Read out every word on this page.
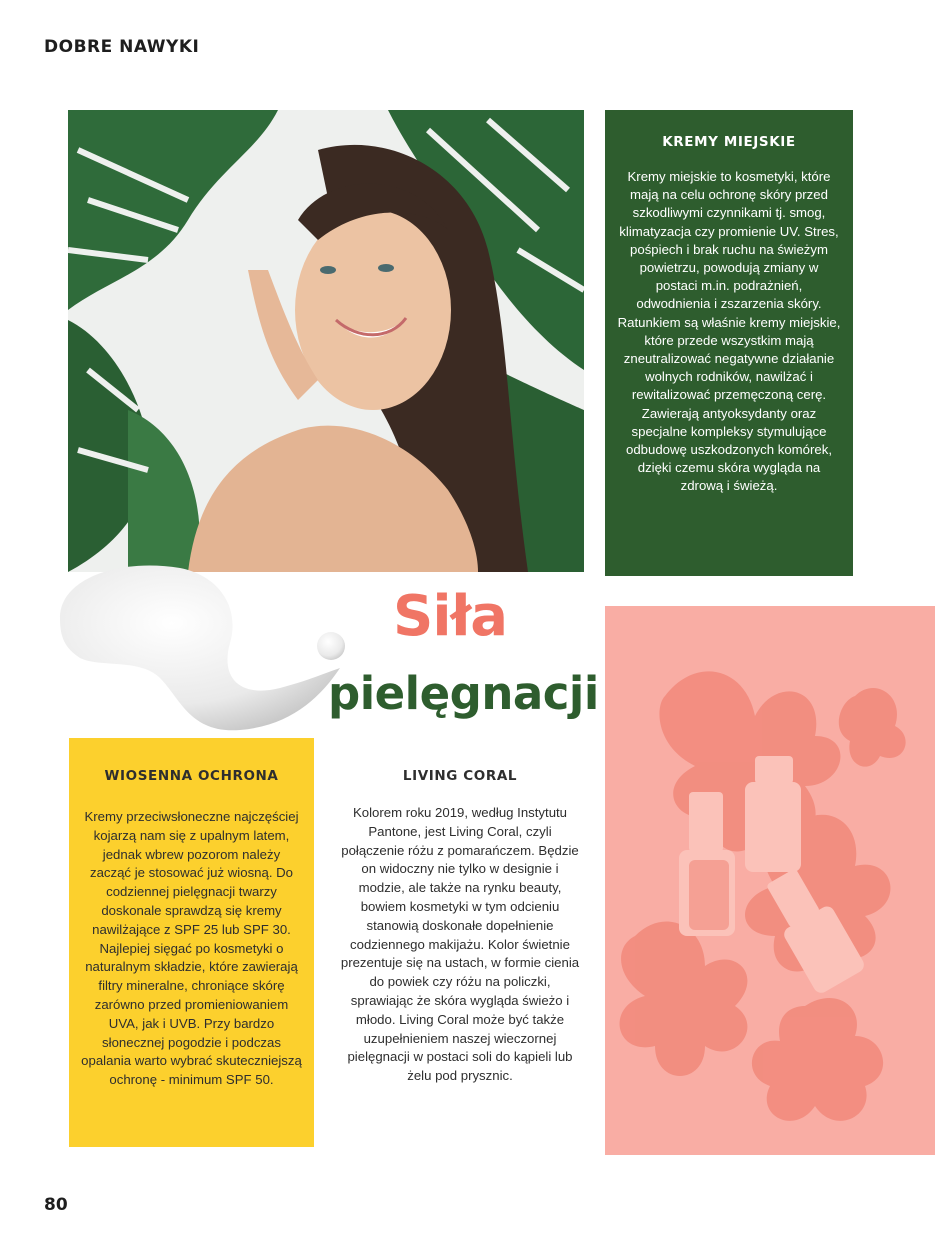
DOBRE NAWYKI
KREMY MIEJSKIE

Kremy miejskie to kosmetyki, które mają na celu ochronę skóry przed szkodliwymi czynnikami tj. smog, klimatyzacja czy promienie UV. Stres, pośpiech i brak ruchu na świeżym powietrzu, powodują zmiany w postaci m.in. podrażnień, odwodnienia i zszarzenia skóry. Ratunkiem są właśnie kremy miejskie, które przede wszystkim mają zneutralizować negatywne działanie wolnych rodników, nawilżać i rewitalizować przemęczoną cerę. Zawierają antyoksydanty oraz specjalne kompleksy stymulujące odbudowę uszkodzonych komórek, dzięki czemu skóra wygląda na zdrową i świeżą.

Siła
pielęgnacji
WIOSENNA OCHRONA

Kremy przeciwsłoneczne najczęściej kojarzą nam się z upalnym latem, jednak wbrew pozorom należy zacząć je stosować już wiosną. Do codziennej pielęgnacji twarzy doskonale sprawdzą się kremy nawilżające z SPF 25 lub SPF 30. Najlepiej sięgać po kosmetyki o naturalnym składzie, które zawierają filtry mineralne, chroniące skórę zarówno przed promieniowaniem UVA, jak i UVB. Przy bardzo słonecznej pogodzie i podczas opalania warto wybrać skuteczniejszą ochronę - minimum SPF 50.

LIVING CORAL

Kolorem roku 2019, według Instytutu Pantone, jest Living Coral, czyli połączenie różu z pomarańczem. Będzie on widoczny nie tylko w designie i modzie, ale także na rynku beauty, bowiem kosmetyki w tym odcieniu stanowią doskonałe dopełnienie codziennego makijażu. Kolor świetnie prezentuje się na ustach, w formie cienia do powiek czy różu na policzki, sprawiając że skóra wygląda świeżo i młodo. Living Coral może być także uzupełnieniem naszej wieczornej pielęgnacji w postaci soli do kąpieli lub żelu pod prysznic.

80
